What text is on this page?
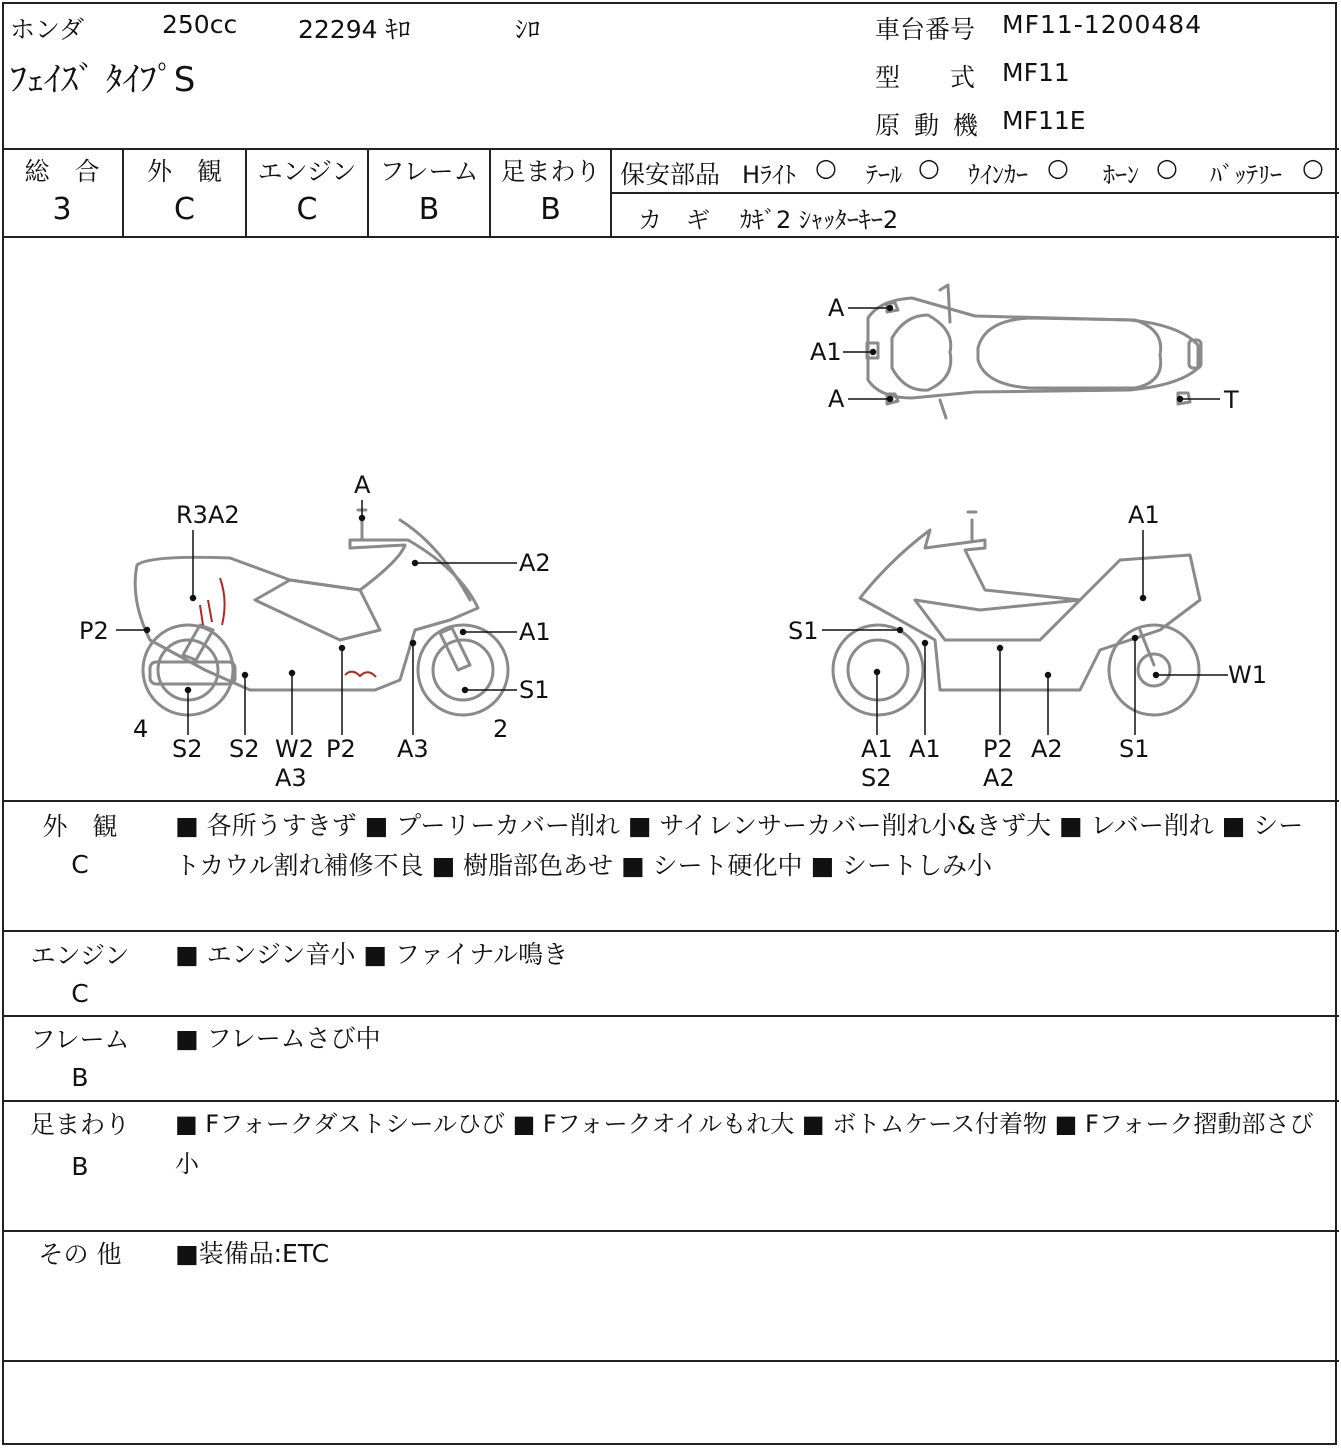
ホンダ	250cc 22294 ｷﾛ	ｼﾛ
ﾌｪｲｽﾞ ﾀｲﾌﾟS
車台番号 MF11-1200484
型　　式 MF11
原 動 機 MF11E
総　合
3
外　観
C
エンジン
C
フレーム
B
足まわり
B
保安部品 Hﾗｲﾄ ○ ﾃｰﾙ ○ ｳｲﾝｶｰ ○ ﾎｰﾝ ○ ﾊﾞｯﾃﾘｰ ○
カ　ギ ｶｷﾞ2 ｼｬｯﾀｰｷｰ2
A
A1
A	T
A
R3A2
A2
P2	A1
S1
4	2
S2 S2 W2
A3
P2 A3
A1
S1
W1
A1
S2
A1 P2
A2
A2 S1
外　観
C
■ 各所うすきず ■ プーリーカバー削れ ■ サイレンサーカバー削れ小&きず大 ■ レバー削れ ■ シートカウル割れ補修不良 ■ 樹脂部色あせ ■ シート硬化中 ■ シートしみ小
エンジン
C
■ エンジン音小 ■ ファイナル鳴き
フレーム
B
■ フレームさび中
足まわり
B
■ Fフォークダストシールひび ■ Fフォークオイルもれ大 ■ ボトムケース付着物 ■ Fフォーク摺動部さび小
その 他	■装備品:ETC
